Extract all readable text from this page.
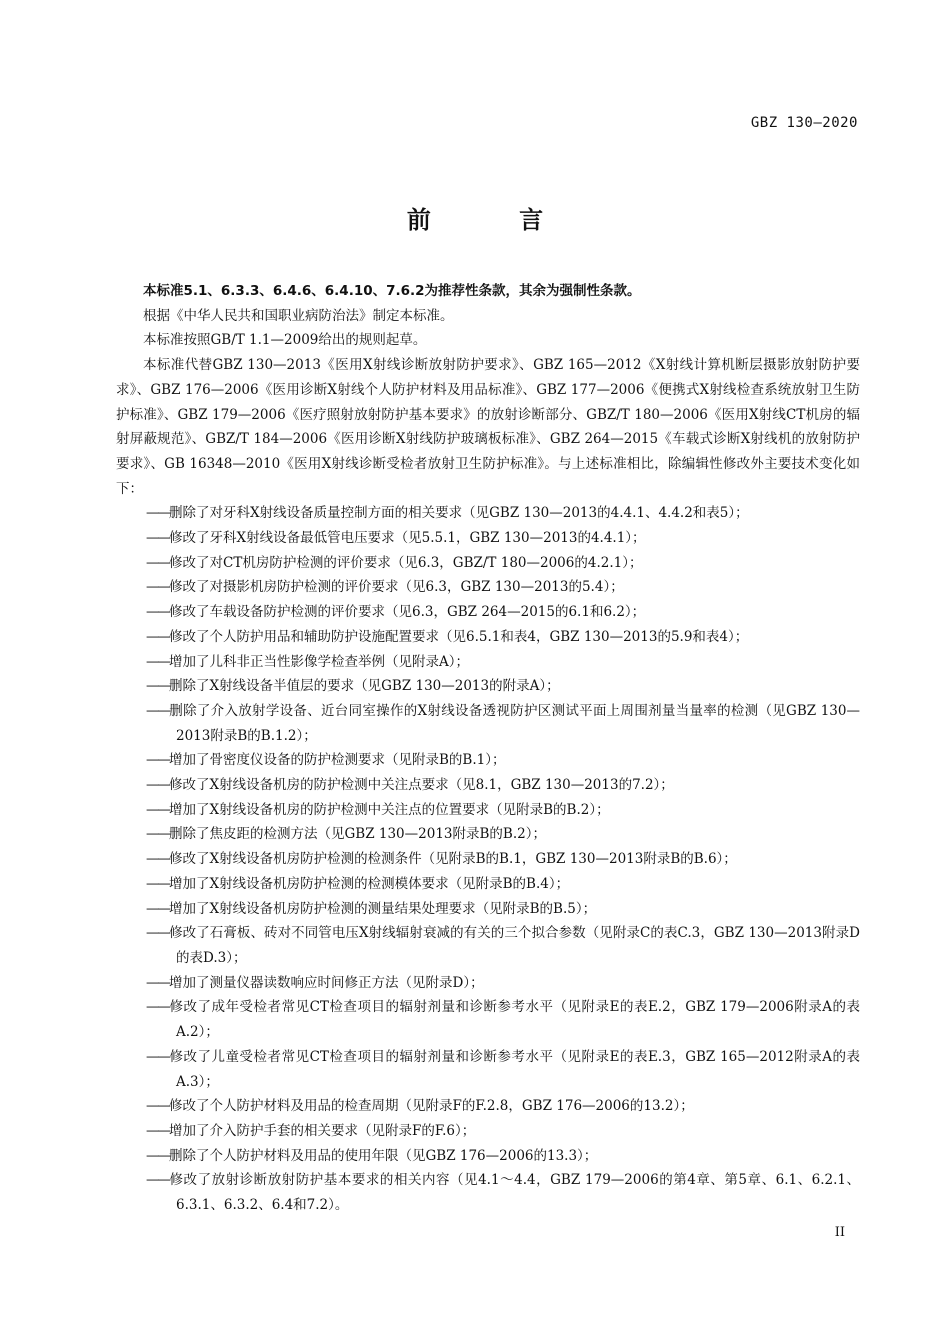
GBZ 130—2020
前 言
本标准5.1、6.3.3、6.4.6、6.4.10、7.6.2为推荐性条款，其余为强制性条款。
根据《中华人民共和国职业病防治法》制定本标准。
本标准按照GB/T 1.1—2009给出的规则起草。
本标准代替GBZ 130—2013《医用X射线诊断放射防护要求》、GBZ 165—2012《X射线计算机断层摄影放射防护要求》、GBZ 176—2006《医用诊断X射线个人防护材料及用品标准》、GBZ 177—2006《便携式X射线检查系统放射卫生防护标准》、GBZ 179—2006《医疗照射放射防护基本要求》的放射诊断部分、GBZ/T 180—2006《医用X射线CT机房的辐射屏蔽规范》、GBZ/T 184—2006《医用诊断X射线防护玻璃板标准》、GBZ 264—2015《车载式诊断X射线机的放射防护要求》、GB 16348—2010《医用X射线诊断受检者放射卫生防护标准》。与上述标准相比，除编辑性修改外主要技术变化如下：
——删除了对牙科X射线设备质量控制方面的相关要求（见GBZ 130—2013的4.4.1、4.4.2和表5）；
——修改了牙科X射线设备最低管电压要求（见5.5.1，GBZ 130—2013的4.4.1）；
——修改了对CT机房防护检测的评价要求（见6.3，GBZ/T 180—2006的4.2.1）；
——修改了对摄影机房防护检测的评价要求（见6.3，GBZ 130—2013的5.4）；
——修改了车载设备防护检测的评价要求（见6.3，GBZ 264—2015的6.1和6.2）；
——修改了个人防护用品和辅助防护设施配置要求（见6.5.1和表4，GBZ 130—2013的5.9和表4）；
——增加了儿科非正当性影像学检查举例（见附录A）；
——删除了X射线设备半值层的要求（见GBZ 130—2013的附录A）；
——删除了介入放射学设备、近台同室操作的X射线设备透视防护区测试平面上周围剂量当量率的检测（见GBZ 130—2013附录B的B.1.2）；
——增加了骨密度仪设备的防护检测要求（见附录B的B.1）；
——修改了X射线设备机房的防护检测中关注点要求（见8.1，GBZ 130—2013的7.2）；
——增加了X射线设备机房的防护检测中关注点的位置要求（见附录B的B.2）；
——删除了焦皮距的检测方法（见GBZ 130—2013附录B的B.2）；
——修改了X射线设备机房防护检测的检测条件（见附录B的B.1，GBZ 130—2013附录B的B.6）；
——增加了X射线设备机房防护检测的检测模体要求（见附录B的B.4）；
——增加了X射线设备机房防护检测的测量结果处理要求（见附录B的B.5）；
——修改了石膏板、砖对不同管电压X射线辐射衰减的有关的三个拟合参数（见附录C的表C.3，GBZ 130—2013附录D的表D.3）；
——增加了测量仪器读数响应时间修正方法（见附录D）；
——修改了成年受检者常见CT检查项目的辐射剂量和诊断参考水平（见附录E的表E.2，GBZ 179—2006附录A的表A.2）；
——修改了儿童受检者常见CT检查项目的辐射剂量和诊断参考水平（见附录E的表E.3，GBZ 165—2012附录A的表A.3）；
——修改了个人防护材料及用品的检查周期（见附录F的F.2.8，GBZ 176—2006的13.2）；
——增加了介入防护手套的相关要求（见附录F的F.6）；
——删除了个人防护材料及用品的使用年限（见GBZ 176—2006的13.3）；
——修改了放射诊断放射防护基本要求的相关内容（见4.1～4.4，GBZ 179—2006的第4章、第5章、6.1、6.2.1、6.3.1、6.3.2、6.4和7.2）。
II
